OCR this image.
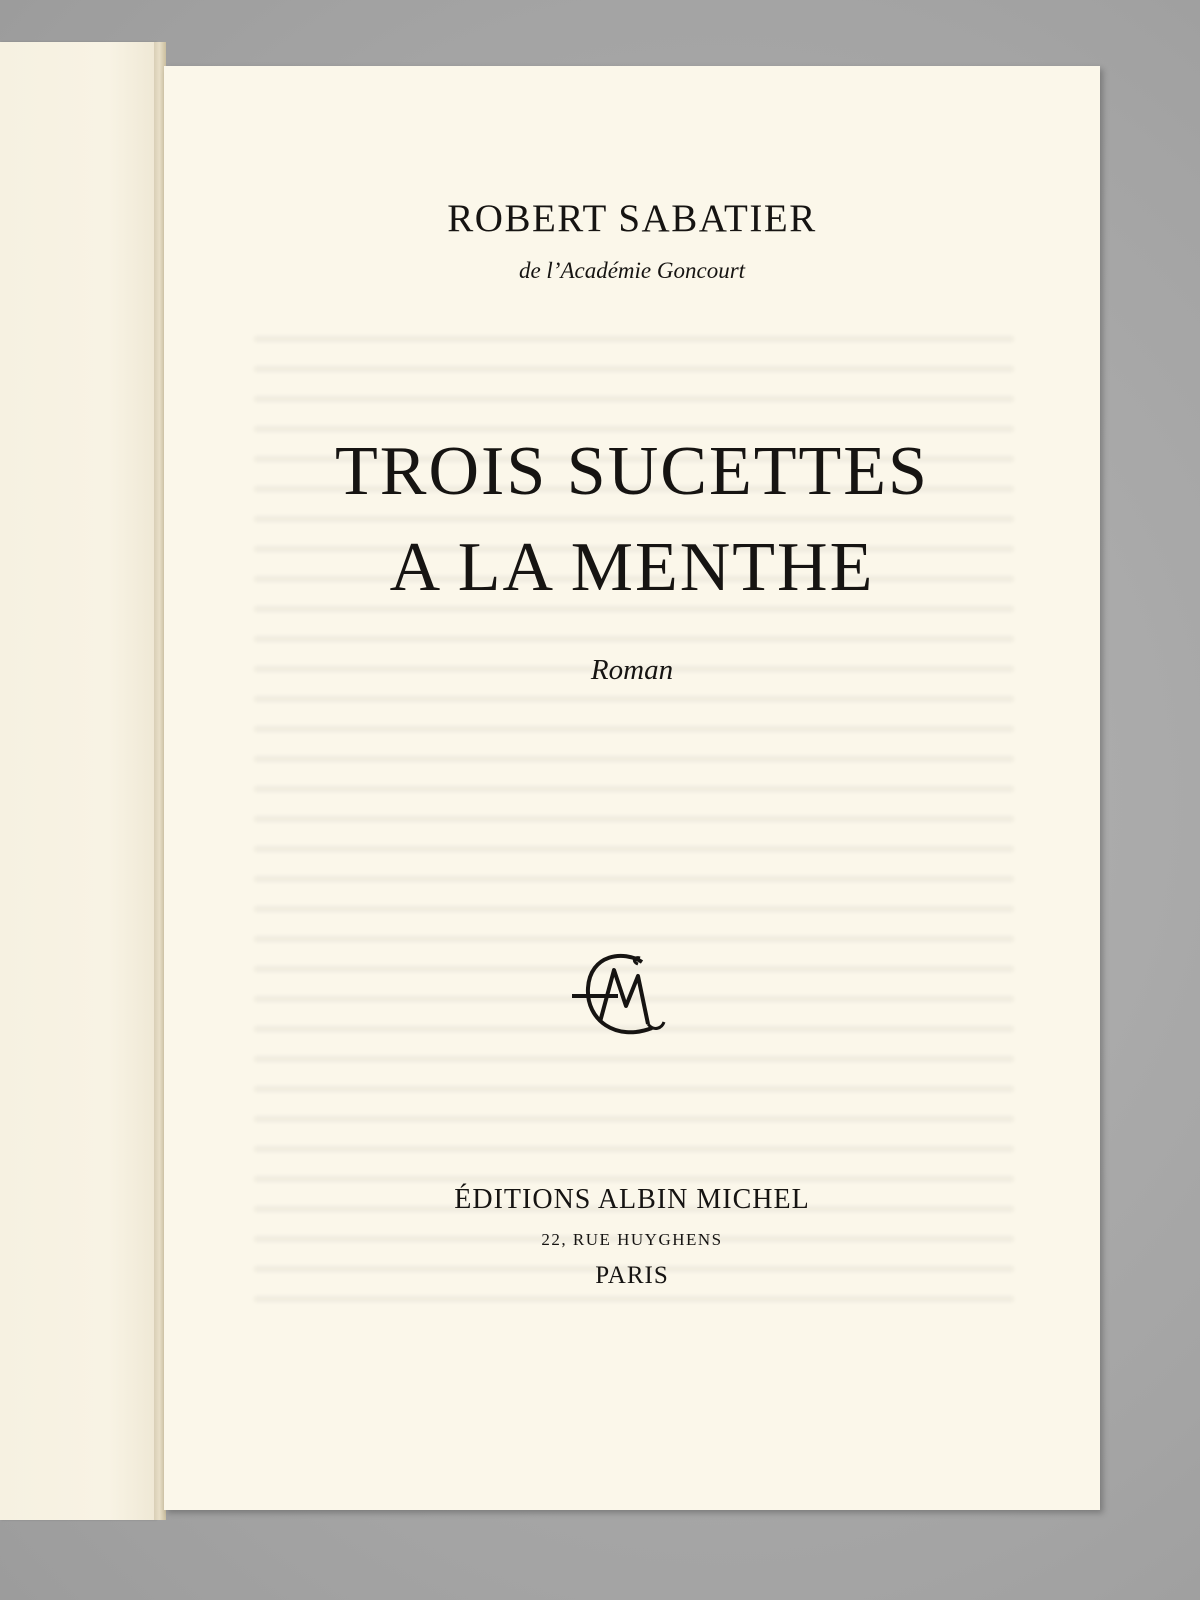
ROBERT SABATIER
de l’Académie Goncourt
TROIS SUCETTES
A LA MENTHE
Roman
ÉDITIONS ALBIN MICHEL
22, RUE HUYGHENS
PARIS
